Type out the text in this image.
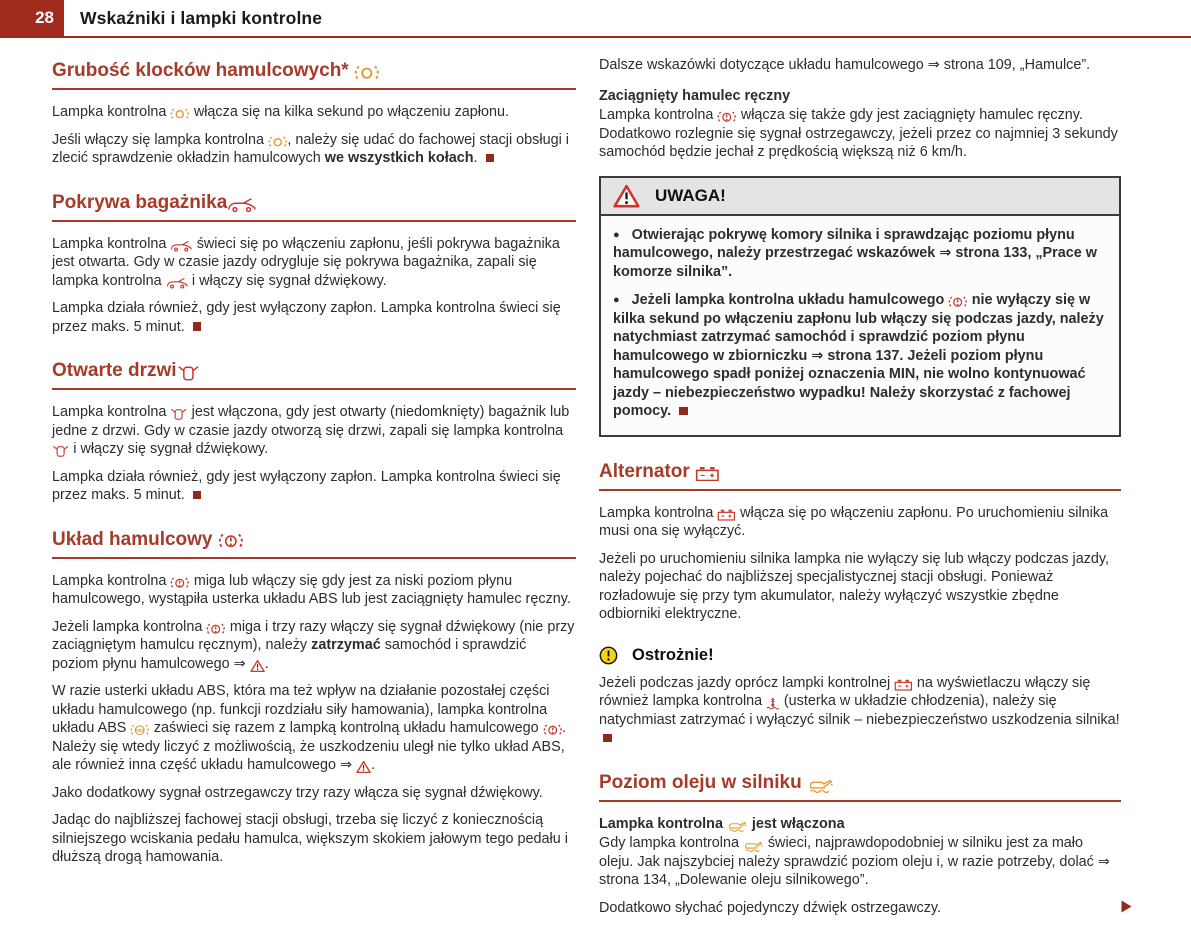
28 Wskaźniki i lampki kontrolne
Grubość klocków hamulcowych*

Lampka kontrolna  włącza się na kilka sekund po włączeniu zapłonu.

Jeśli włączy się lampka kontrolna , należy się udać do fachowej stacji obsługi i zlecić sprawdzenie okładzin hamulcowych we wszystkich kołach.

Pokrywa bagażnika

Lampka kontrolna  świeci się po włączeniu zapłonu, jeśli pokrywa bagażnika jest otwarta. Gdy w czasie jazdy odrygluje się pokrywa bagażnika, zapali się lampka kontrolna  i włączy się sygnał dźwiękowy.

Lampka działa również, gdy jest wyłączony zapłon. Lampka kontrolna świeci się przez maks. 5 minut.

Otwarte drzwi

Lampka kontrolna  jest włączona, gdy jest otwarty (niedomknięty) bagażnik lub jedne z drzwi. Gdy w czasie jazdy otworzą się drzwi, zapali się lampka kontrolna  i włączy się sygnał dźwiękowy.

Lampka działa również, gdy jest wyłączony zapłon. Lampka kontrolna świeci się przez maks. 5 minut.

Układ hamulcowy

Lampka kontrolna  miga lub włączy się gdy jest za niski poziom płynu hamulcowego, wystąpiła usterka układu ABS lub jest zaciągnięty hamulec ręczny.

Jeżeli lampka kontrolna  miga i trzy razy włączy się sygnał dźwiękowy (nie przy zaciągniętym hamulcu ręcznym), należy zatrzymać samochód i sprawdzić poziom płynu hamulcowego ⇒ .

W razie usterki układu ABS, która ma też wpływ na działanie pozostałej części układu hamulcowego (np. funkcji rozdziału siły hamowania), lampka kontrolna układu ABS ABS zaświeci się razem z lampką kontrolną układu hamulcowego . Należy się wtedy liczyć z możliwością, że uszkodzeniu uległ nie tylko układ ABS, ale również inna część układu hamulcowego ⇒ .

Jako dodatkowy sygnał ostrzegawczy trzy razy włącza się sygnał dźwiękowy.

Jadąc do najbliższej fachowej stacji obsługi, trzeba się liczyć z koniecznością silniejszego wciskania pedału hamulca, większym skokiem jałowym tego pedału i dłuższą drogą hamowania.

Dalsze wskazówki dotyczące układu hamulcowego ⇒ strona 109, „Hamulce”.

Zaciągnięty hamulec ręczny

Lampka kontrolna  włącza się także gdy jest zaciągnięty hamulec ręczny. Dodatkowo rozlegnie się sygnał ostrzegawczy, jeżeli przez co najmniej 3 sekundy samochód będzie jechał z prędkością większą niż 6 km/h.

UWAGA!
● Otwierając pokrywę komory silnika i sprawdzając poziomu płynu hamulcowego, należy przestrzegać wskazówek ⇒ strona 133, „Prace w komorze silnika”.
● Jeżeli lampka kontrolna układu hamulcowego  nie wyłączy się w kilka sekund po włączeniu zapłonu lub włączy się podczas jazdy, należy natychmiast zatrzymać samochód i sprawdzić poziom płynu hamulcowego w zbiorniczku ⇒ strona 137. Jeżeli poziom płynu hamulcowego spadł poniżej oznaczenia MIN, nie wolno kontynuować jazdy – niebezpieczeństwo wypadku! Należy skorzystać z fachowej pomocy.
Alternator

Lampka kontrolna  włącza się po włączeniu zapłonu. Po uruchomieniu silnika musi ona się wyłączyć.

Jeżeli po uruchomieniu silnika lampka nie wyłączy się lub włączy podczas jazdy, należy pojechać do najbliższej specjalistycznej stacji obsługi. Ponieważ rozładowuje się przy tym akumulator, należy wyłączyć wszystkie zbędne odbiorniki elektryczne.

Ostrożnie!

Jeżeli podczas jazdy oprócz lampki kontrolnej  na wyświetlaczu włączy się również lampka kontrolna  (usterka w układzie chłodzenia), należy się natychmiast zatrzymać i wyłączyć silnik – niebezpieczeństwo uszkodzenia silnika!

Poziom oleju w silniku
Lampka kontrolna  jest włączona

Gdy lampka kontrolna  świeci, najprawdopodobniej w silniku jest za mało oleju. Jak najszybciej należy sprawdzić poziom oleju i, w razie potrzeby, dolać ⇒ strona 134, „Dolewanie oleju silnikowego”.

Dodatkowo słychać pojedynczy dźwięk ostrzegawczy.
